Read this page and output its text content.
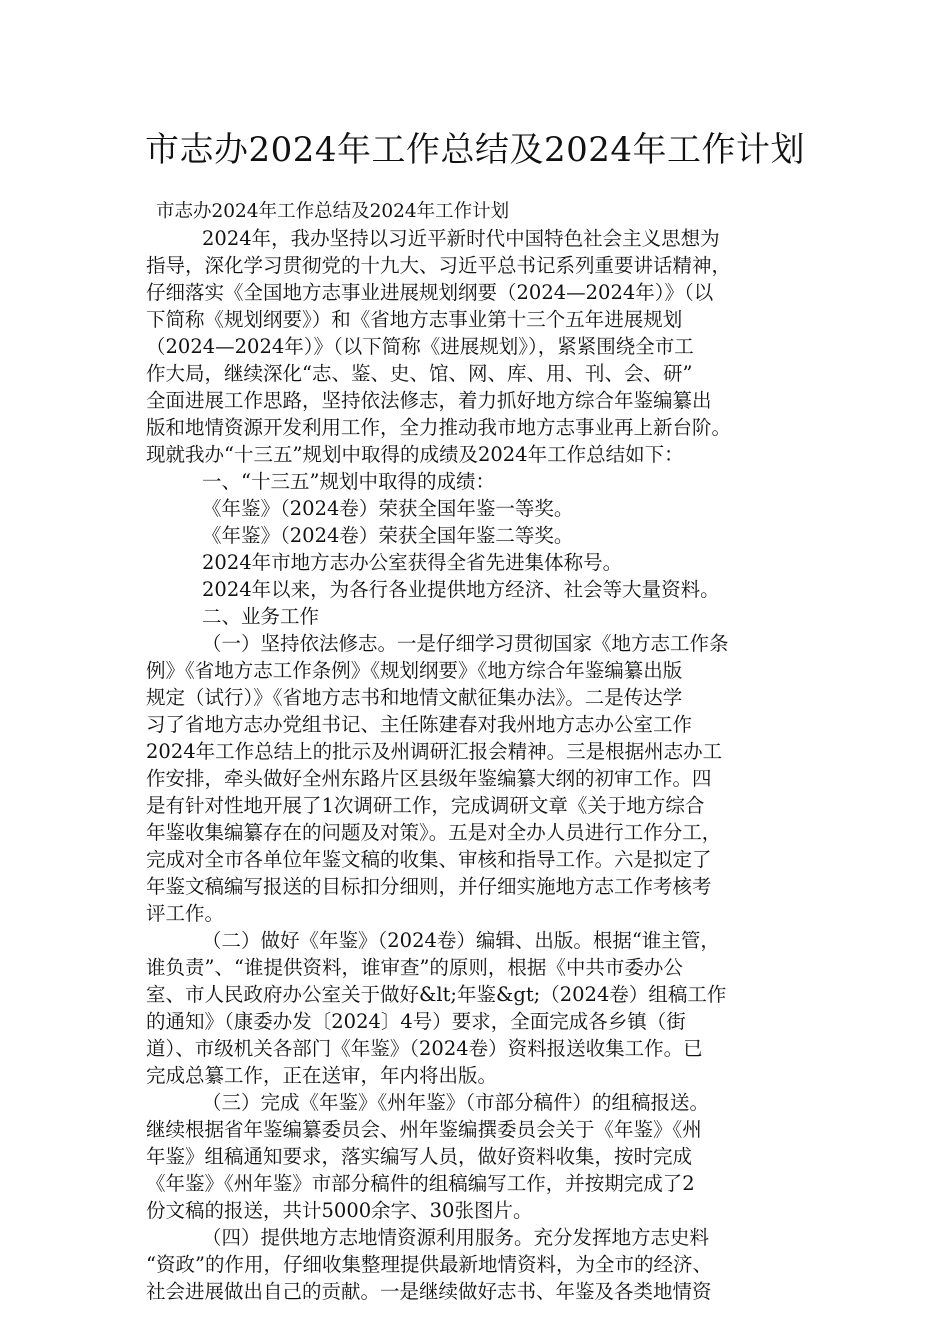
市志办2024年工作总结及2024年工作计划
市志办2024年工作总结及2024年工作计划
2024年，我办坚持以习近平新时代中国特色社会主义思想为
指导，深化学习贯彻党的十九大、习近平总书记系列重要讲话精神，
仔细落实《全国地方志事业进展规划纲要（2024—2024年）》（以
下简称《规划纲要》）和《省地方志事业第十三个五年进展规划
（2024—2024年）》（以下简称《进展规划》），紧紧围绕全市工
作大局，继续深化“志、鉴、史、馆、网、库、用、刊、会、研”
全面进展工作思路，坚持依法修志，着力抓好地方综合年鉴编纂出
版和地情资源开发利用工作，全力推动我市地方志事业再上新台阶。
现就我办“十三五”规划中取得的成绩及2024年工作总结如下：
一、“十三五”规划中取得的成绩：
《年鉴》（2024卷）荣获全国年鉴一等奖。
《年鉴》（2024卷）荣获全国年鉴二等奖。
2024年市地方志办公室获得全省先进集体称号。
2024年以来，为各行各业提供地方经济、社会等大量资料。
二、业务工作
（一）坚持依法修志。一是仔细学习贯彻国家《地方志工作条
例》《省地方志工作条例》《规划纲要》《地方综合年鉴编纂出版
规定（试行）》《省地方志书和地情文献征集办法》。二是传达学
习了省地方志办党组书记、主任陈建春对我州地方志办公室工作
2024年工作总结上的批示及州调研汇报会精神。三是根据州志办工
作安排，牵头做好全州东路片区县级年鉴编纂大纲的初审工作。四
是有针对性地开展了1次调研工作，完成调研文章《关于地方综合
年鉴收集编纂存在的问题及对策》。五是对全办人员进行工作分工，
完成对全市各单位年鉴文稿的收集、审核和指导工作。六是拟定了
年鉴文稿编写报送的目标扣分细则，并仔细实施地方志工作考核考
评工作。
（二）做好《年鉴》（2024卷）编辑、出版。根据“谁主管，
谁负责”、“谁提供资料，谁审查”的原则，根据《中共市委办公
室、市人民政府办公室关于做好&lt;年鉴&gt;（2024卷）组稿工作
的通知》（康委办发〔2024〕4号）要求，全面完成各乡镇（街
道）、市级机关各部门《年鉴》（2024卷）资料报送收集工作。已
完成总纂工作，正在送审，年内将出版。
（三）完成《年鉴》《州年鉴》（市部分稿件）的组稿报送。
继续根据省年鉴编纂委员会、州年鉴编撰委员会关于《年鉴》《州
年鉴》组稿通知要求，落实编写人员，做好资料收集，按时完成
《年鉴》《州年鉴》市部分稿件的组稿编写工作，并按期完成了2
份文稿的报送，共计5000余字、30张图片。
（四）提供地方志地情资源利用服务。充分发挥地方志史料
“资政”的作用，仔细收集整理提供最新地情资料，为全市的经济、
社会进展做出自己的贡献。一是继续做好志书、年鉴及各类地情资
